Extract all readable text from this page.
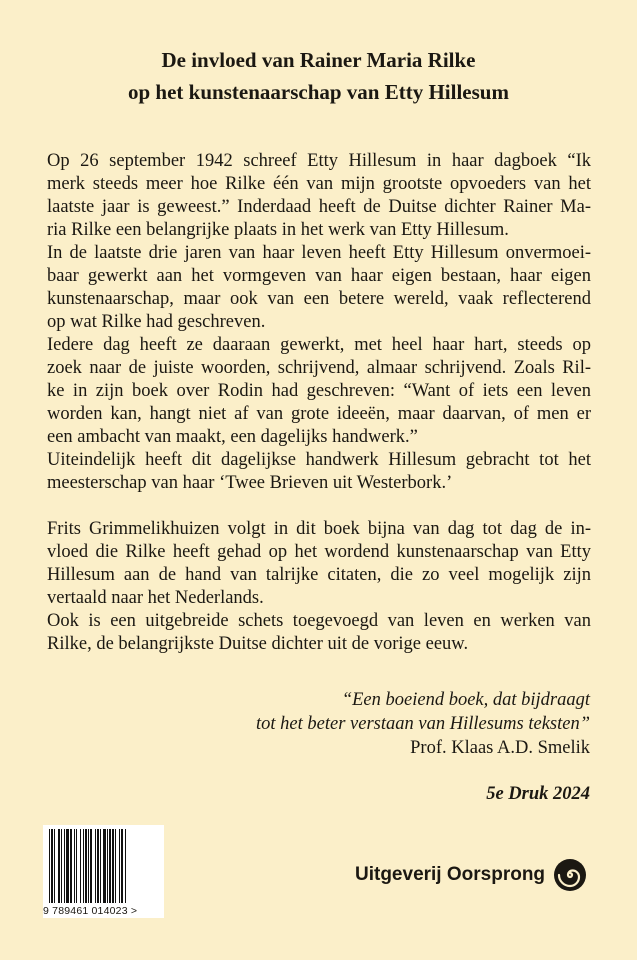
De invloed van Rainer Maria Rilke
op het kunstenaarschap van Etty Hillesum
Op 26 september 1942 schreef Etty Hillesum in haar dagboek “Ik
merk steeds meer hoe Rilke één van mijn grootste opvoeders van het
laatste jaar is geweest.” Inderdaad heeft de Duitse dichter Rainer Ma-
ria Rilke een belangrijke plaats in het werk van Etty Hillesum.
In de laatste drie jaren van haar leven heeft Etty Hillesum onvermoei-
baar gewerkt aan het vormgeven van haar eigen bestaan, haar eigen
kunstenaarschap, maar ook van een betere wereld, vaak reflecterend
op wat Rilke had geschreven.
Iedere dag heeft ze daaraan gewerkt, met heel haar hart, steeds op
zoek naar de juiste woorden, schrijvend, almaar schrijvend. Zoals Ril-
ke in zijn boek over Rodin had geschreven: “Want of iets een leven
worden kan, hangt niet af van grote ideeën, maar daarvan, of men er
een ambacht van maakt, een dagelijks handwerk.”
Uiteindelijk heeft dit dagelijkse handwerk Hillesum gebracht tot het
meesterschap van haar ‘Twee Brieven uit Westerbork.’
Frits Grimmelikhuizen volgt in dit boek bijna van dag tot dag de in-
vloed die Rilke heeft gehad op het wordend kunstenaarschap van Etty
Hillesum aan de hand van talrijke citaten, die zo veel mogelijk zijn
vertaald naar het Nederlands.
Ook is een uitgebreide schets toegevoegd van leven en werken van
Rilke, de belangrijkste Duitse dichter uit de vorige eeuw.
“Een boeiend boek, dat bijdraagt
tot het beter verstaan van Hillesums teksten”
Prof. Klaas A.D. Smelik
5e Druk 2024
9 789461 014023 >
Uitgeverij Oorsprong
